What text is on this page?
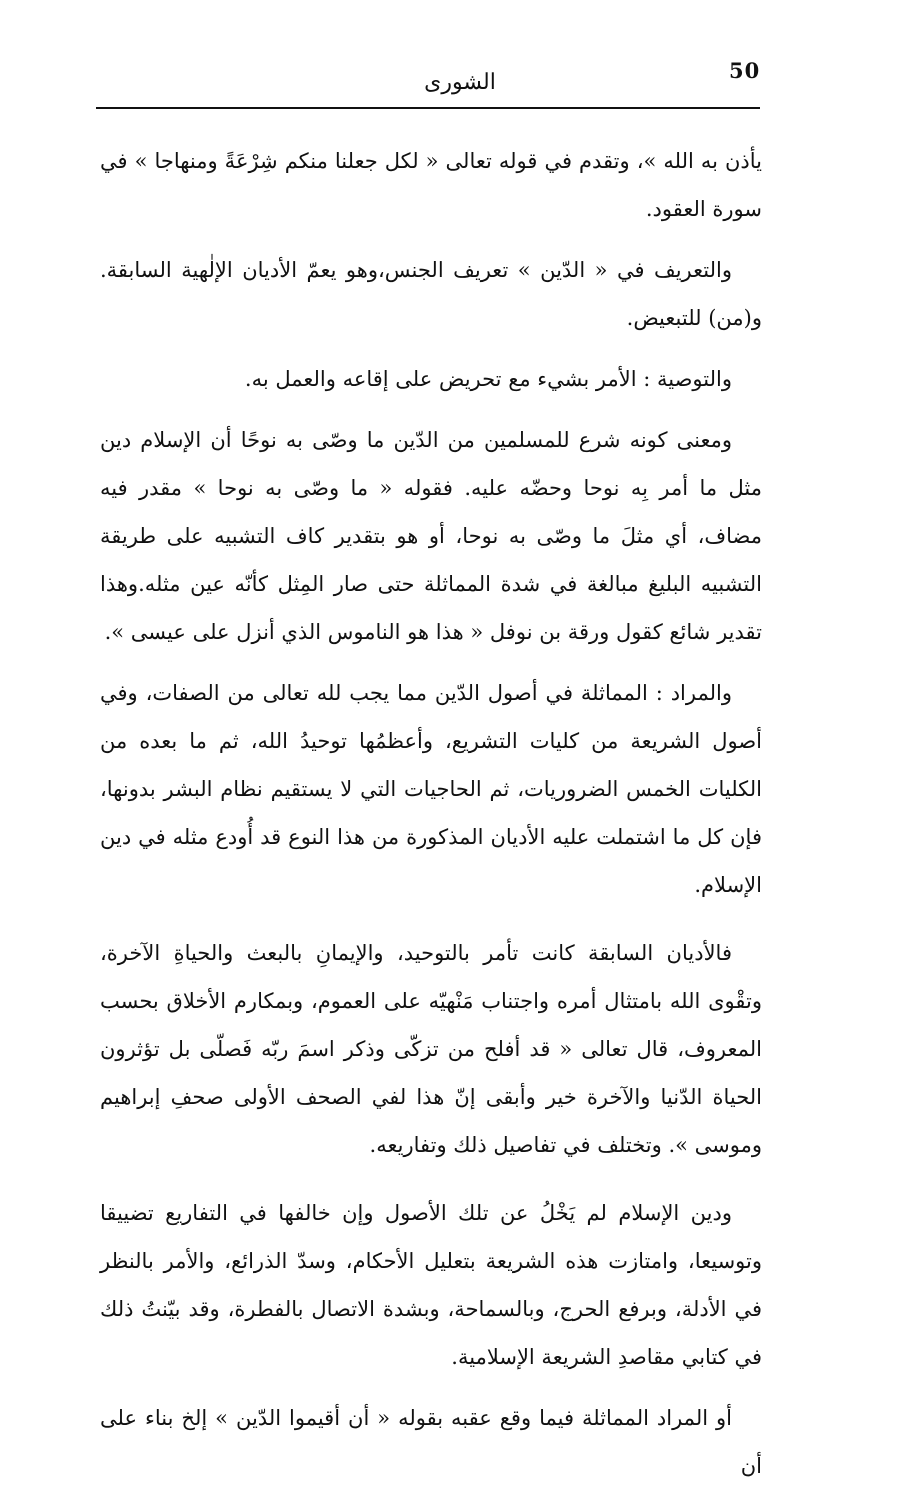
50
الشورى

يأذن به الله »، وتقدم في قوله تعالى « لكل جعلنا منكم شِرْعَةً ومنهاجا » في سورة العقود.

والتعريف في « الدّين » تعريف الجنس،وهو يعمّ الأديان الإلٰهية السابقة. و(من) للتبعيض.

والتوصية : الأمر بشيء مع تحريض على إقاعه والعمل به.

ومعنى كونه شرع للمسلمين من الدّين ما وصّى به نوحًا أن الإسلام دين مثل ما أمر بِه نوحا وحضّه عليه. فقوله « ما وصّى به نوحا » مقدر فيه مضاف، أي مثلَ ما وصّى به نوحا، أو هو بتقدير كاف التشبيه على طريقة التشبيه البليغ مبالغة في شدة المماثلة حتى صار المِثل كأنّه عين مثله.وهذا تقدير شائع كقول ورقة بن نوفل « هذا هو الناموس الذي أنزل على عيسى ».

والمراد : المماثلة في أصول الدّين مما يجب لله تعالى من الصفات، وفي أصول الشريعة من كليات التشريع، وأعظمُها توحيدُ الله، ثم ما بعده من الكليات الخمس الضروريات، ثم الحاجيات التي لا يستقيم نظام البشر بدونها، فإن كل ما اشتملت عليه الأديان المذكورة من هذا النوع قد أُودع مثله في دين الإسلام.

فالأديان السابقة كانت تأمر بالتوحيد، والإيمانِ بالبعث والحياةِ الآخرة، وتقْوى الله بامتثال أمره واجتناب مَنْهيّه على العموم، وبمكارم الأخلاق بحسب المعروف، قال تعالى « قد أفلح من تزكّى وذكر اسمَ ربّه فَصلّى بل تؤثرون الحياة الدّنيا والآخرة خير وأبقى إنّ هذا لفي الصحف الأولى صحفِ إبراهيم وموسى ». وتختلف في تفاصيل ذلك وتفاريعه.

ودين الإسلام لم يَخْلُ عن تلك الأصول وإن خالفها في التفاريع تضييقا وتوسيعا، وامتازت هذه الشريعة بتعليل الأحكام، وسدّ الذرائع، والأمر بالنظر في الأدلة، وبرفع الحرج، وبالسماحة، وبشدة الاتصال بالفطرة، وقد بيّنتُ ذلك في كتابي مقاصدِ الشريعة الإسلامية.

أو المراد المماثلة فيما وقع عقبه بقوله « أن أقيموا الدّين » إلخ بناء على أن
